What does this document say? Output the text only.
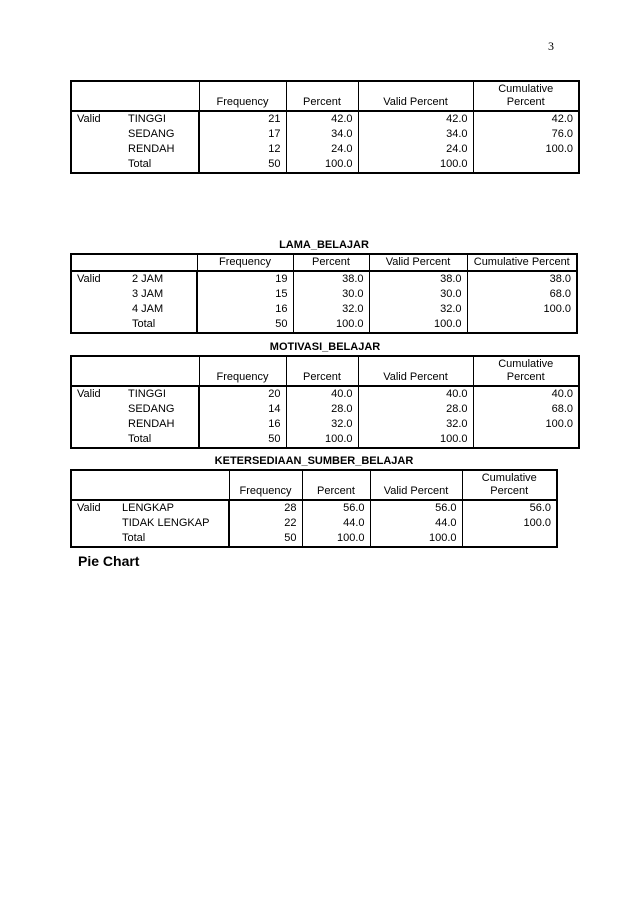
3
		Frequency	Percent	Valid Percent	Cumulative
Percent
Valid	TINGGI	21	42.0	42.0	42.0
	SEDANG	17	34.0	34.0	76.0
	RENDAH	12	24.0	24.0	100.0
	Total	50	100.0	100.0	
LAMA_BELAJAR
		Frequency	Percent	Valid Percent	Cumulative Percent
Valid	2 JAM	19	38.0	38.0	38.0
	3 JAM	15	30.0	30.0	68.0
	4 JAM	16	32.0	32.0	100.0
	Total	50	100.0	100.0	
MOTIVASI_BELAJAR
		Frequency	Percent	Valid Percent	Cumulative
Percent
Valid	TINGGI	20	40.0	40.0	40.0
	SEDANG	14	28.0	28.0	68.0
	RENDAH	16	32.0	32.0	100.0
	Total	50	100.0	100.0	
KETERSEDIAAN_SUMBER_BELAJAR
		Frequency	Percent	Valid Percent	Cumulative
Percent
Valid	LENGKAP	28	56.0	56.0	56.0
	TIDAK LENGKAP	22	44.0	44.0	100.0
	Total	50	100.0	100.0	
Pie Chart
